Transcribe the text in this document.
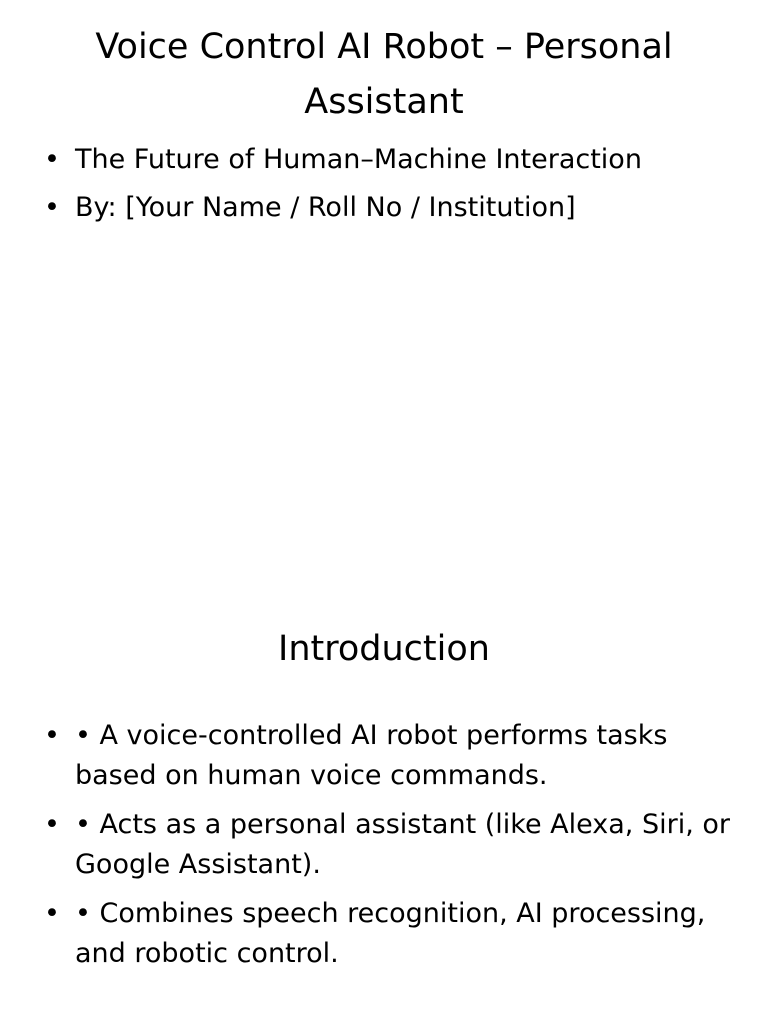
Voice Control AI Robot – Personal Assistant
• The Future of Human–Machine Interaction
• By: [Your Name / Roll No / Institution]
Introduction
• • A voice-controlled AI robot performs tasks based on human voice commands.
• • Acts as a personal assistant (like Alexa, Siri, or Google Assistant).
• • Combines speech recognition, AI processing, and robotic control.
